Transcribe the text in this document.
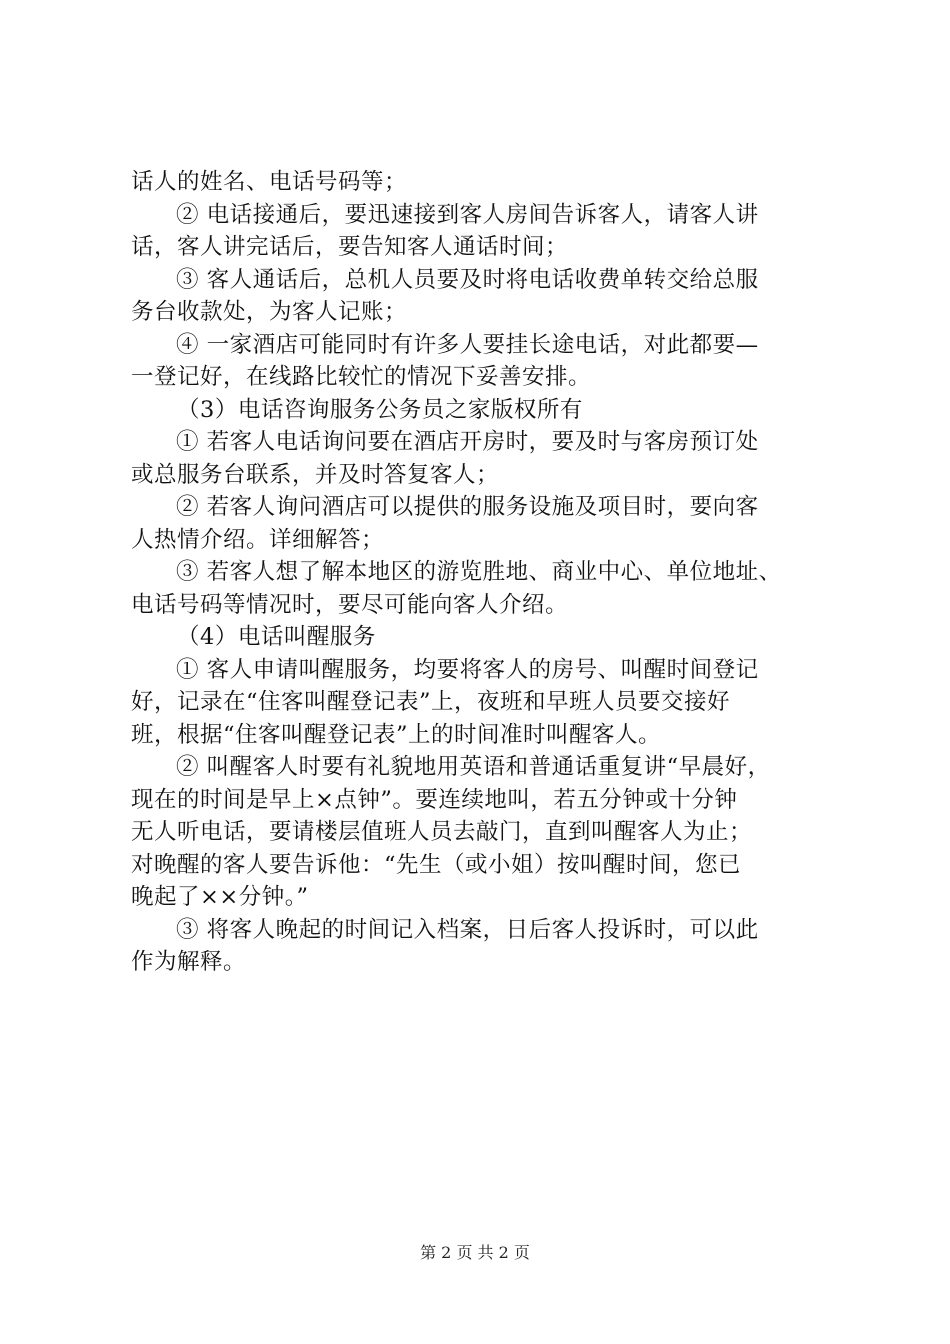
话人的姓名、电话号码等；
② 电话接通后，要迅速接到客人房间告诉客人，请客人讲
话，客人讲完话后，要告知客人通话时间；
③ 客人通话后，总机人员要及时将电话收费单转交给总服
务台收款处，为客人记账；
④ 一家酒店可能同时有许多人要挂长途电话，对此都要—
一登记好，在线路比较忙的情况下妥善安排。
（3）电话咨询服务公务员之家版权所有
① 若客人电话询问要在酒店开房时，要及时与客房预订处
或总服务台联系，并及时答复客人；
② 若客人询问酒店可以提供的服务设施及项目时，要向客
人热情介绍。详细解答；
③ 若客人想了解本地区的游览胜地、商业中心、单位地址、
电话号码等情况时，要尽可能向客人介绍。
（4）电话叫醒服务
① 客人申请叫醒服务，均要将客人的房号、叫醒时间登记
好，记录在“住客叫醒登记表”上，夜班和早班人员要交接好
班，根据“住客叫醒登记表”上的时间准时叫醒客人。
② 叫醒客人时要有礼貌地用英语和普通话重复讲“早晨好，
现在的时间是早上×点钟”。要连续地叫，若五分钟或十分钟
无人听电话，要请楼层值班人员去敲门，直到叫醒客人为止；
对晚醒的客人要告诉他：“先生（或小姐）按叫醒时间，您已
晚起了××分钟。”
③ 将客人晚起的时间记入档案，日后客人投诉时，可以此
作为解释。
第 2 页 共 2 页
